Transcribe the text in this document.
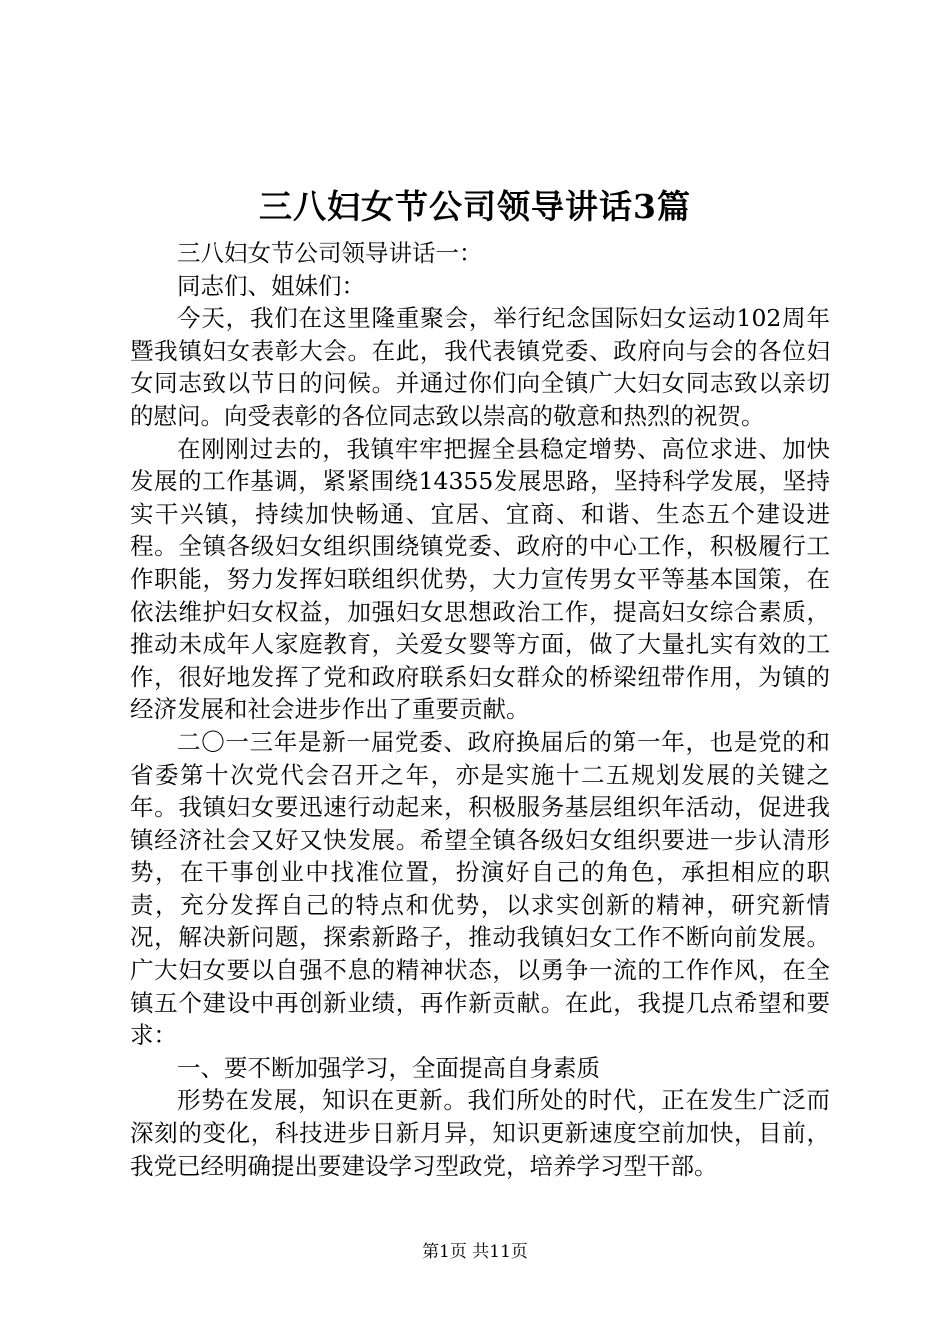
三八妇女节公司领导讲话3篇

三八妇女节公司领导讲话一：

同志们、姐妹们：

今天，我们在这里隆重聚会，举行纪念国际妇女运动102周年暨我镇妇女表彰大会。在此，我代表镇党委、政府向与会的各位妇女同志致以节日的问候。并通过你们向全镇广大妇女同志致以亲切的慰问。向受表彰的各位同志致以崇高的敬意和热烈的祝贺。

在刚刚过去的，我镇牢牢把握全县稳定增势、高位求进、加快发展的工作基调，紧紧围绕14355发展思路，坚持科学发展，坚持实干兴镇，持续加快畅通、宜居、宜商、和谐、生态五个建设进程。全镇各级妇女组织围绕镇党委、政府的中心工作，积极履行工作职能，努力发挥妇联组织优势，大力宣传男女平等基本国策，在依法维护妇女权益，加强妇女思想政治工作，提高妇女综合素质，推动未成年人家庭教育，关爱女婴等方面，做了大量扎实有效的工作，很好地发挥了党和政府联系妇女群众的桥梁纽带作用，为镇的经济发展和社会进步作出了重要贡献。

二〇一三年是新一届党委、政府换届后的第一年，也是党的和省委第十次党代会召开之年，亦是实施十二五规划发展的关键之年。我镇妇女要迅速行动起来，积极服务基层组织年活动，促进我镇经济社会又好又快发展。希望全镇各级妇女组织要进一步认清形势，在干事创业中找准位置，扮演好自己的角色，承担相应的职责，充分发挥自己的特点和优势，以求实创新的精神，研究新情况，解决新问题，探索新路子，推动我镇妇女工作不断向前发展。广大妇女要以自强不息的精神状态，以勇争一流的工作作风，在全镇五个建设中再创新业绩，再作新贡献。在此，我提几点希望和要求：

一、要不断加强学习，全面提高自身素质

形势在发展，知识在更新。我们所处的时代，正在发生广泛而深刻的变化，科技进步日新月异，知识更新速度空前加快，目前，我党已经明确提出要建设学习型政党，培养学习型干部。

第1页 共11页
